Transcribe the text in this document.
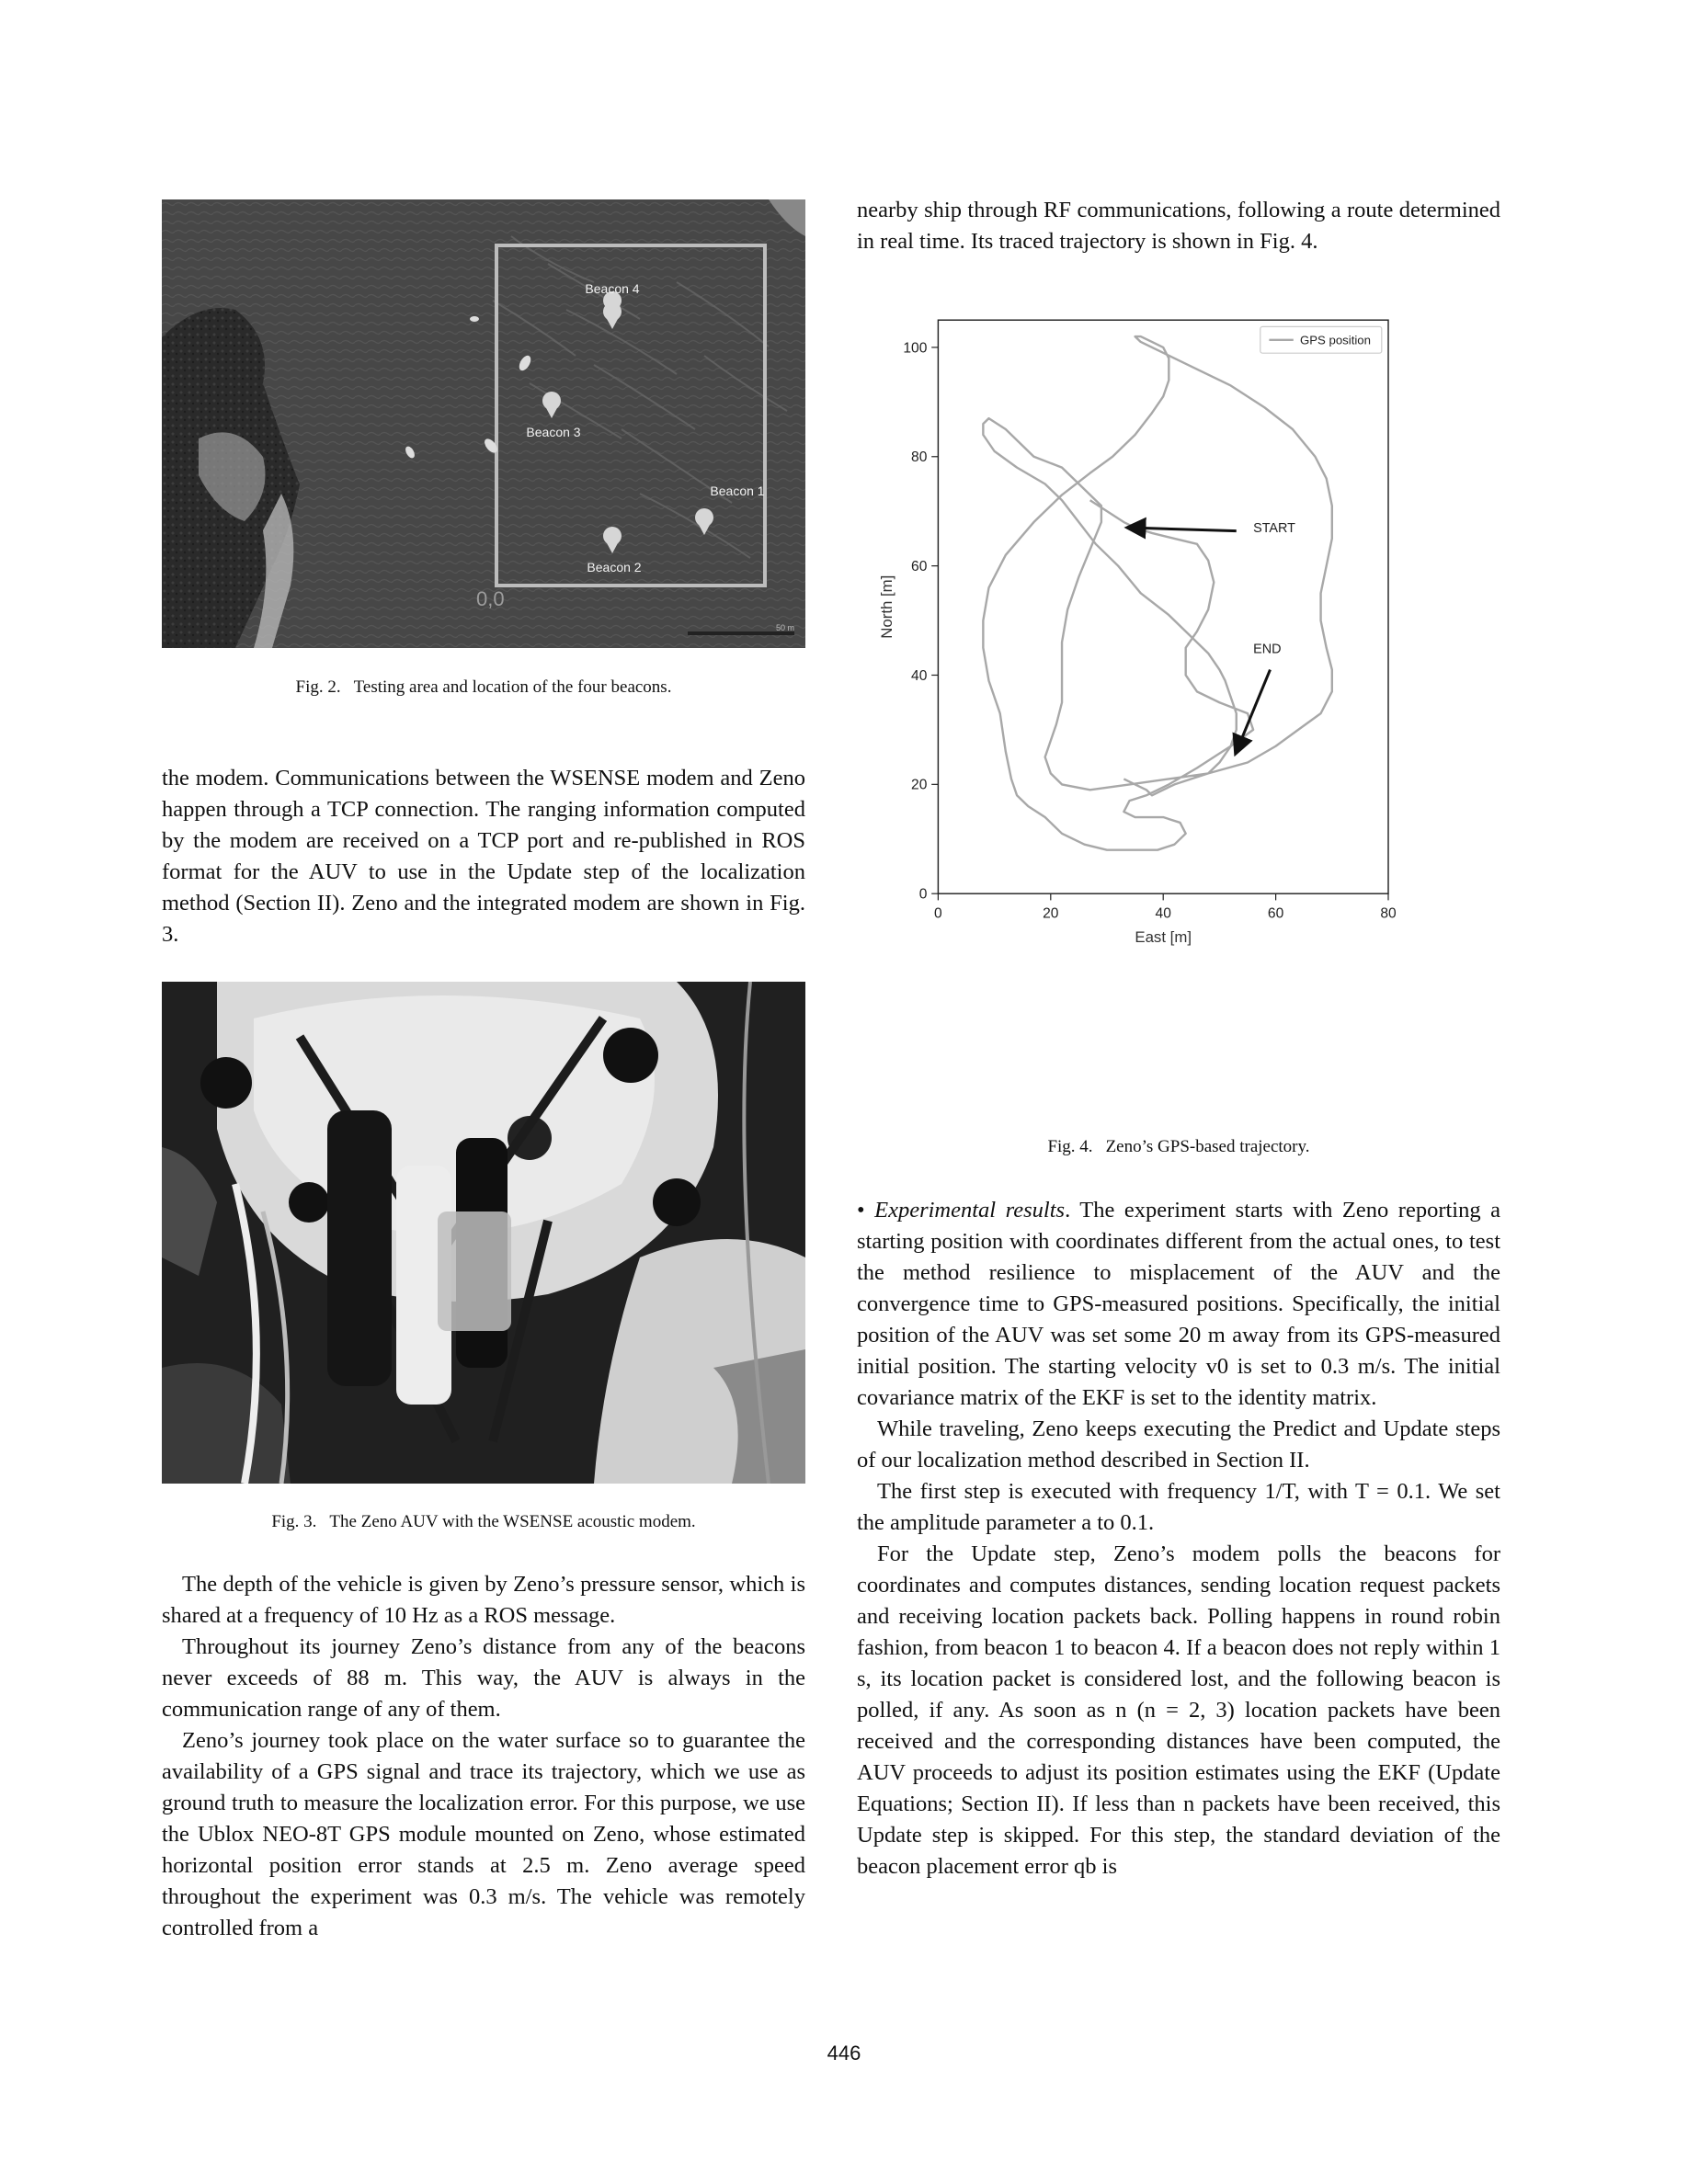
Beacon 4
Beacon 3
Beacon 1
Beacon 2
0,0
50 m
Fig. 2. Testing area and location of the four beacons.

the modem. Communications between the WSENSE modem and Zeno happen through a TCP connection. The ranging information computed by the modem are received on a TCP port and re-published in ROS format for the AUV to use in the Update step of the localization method (Section II). Zeno and the integrated modem are shown in Fig. 3.

Fig. 3. The Zeno AUV with the WSENSE acoustic modem.

The depth of the vehicle is given by Zeno’s pressure sensor, which is shared at a frequency of 10 Hz as a ROS message.

Throughout its journey Zeno’s distance from any of the beacons never exceeds of 88 m. This way, the AUV is always in the communication range of any of them.

Zeno’s journey took place on the water surface so to guarantee the availability of a GPS signal and trace its trajectory, which we use as ground truth to measure the localization error. For this purpose, we use the Ublox NEO-8T GPS module mounted on Zeno, whose estimated horizontal position error stands at 2.5 m. Zeno average speed throughout the experiment was 0.3 m/s. The vehicle was remotely controlled from a

nearby ship through RF communications, following a route determined in real time. Its traced trajectory is shown in Fig. 4.

0	20	40	60	80
0
20
40
60
80
100
START
END
GPS position
East [m]
North [m]
Fig. 4. Zeno’s GPS-based trajectory.

• Experimental results. The experiment starts with Zeno reporting a starting position with coordinates different from the actual ones, to test the method resilience to misplacement of the AUV and the convergence time to GPS-measured positions. Specifically, the initial position of the AUV was set some 20 m away from its GPS-measured initial position. The starting velocity v0 is set to 0.3 m/s. The initial covariance matrix of the EKF is set to the identity matrix.

While traveling, Zeno keeps executing the Predict and Update steps of our localization method described in Section II.

The first step is executed with frequency 1/T, with T = 0.1. We set the amplitude parameter a to 0.1.

For the Update step, Zeno’s modem polls the beacons for coordinates and computes distances, sending location request packets and receiving location packets back. Polling happens in round robin fashion, from beacon 1 to beacon 4. If a beacon does not reply within 1 s, its location packet is considered lost, and the following beacon is polled, if any. As soon as n (n = 2, 3) location packets have been received and the corresponding distances have been computed, the AUV proceeds to adjust its position estimates using the EKF (Update Equations; Section II). If less than n packets have been received, this Update step is skipped. For this step, the standard deviation of the beacon placement error qb is

446
